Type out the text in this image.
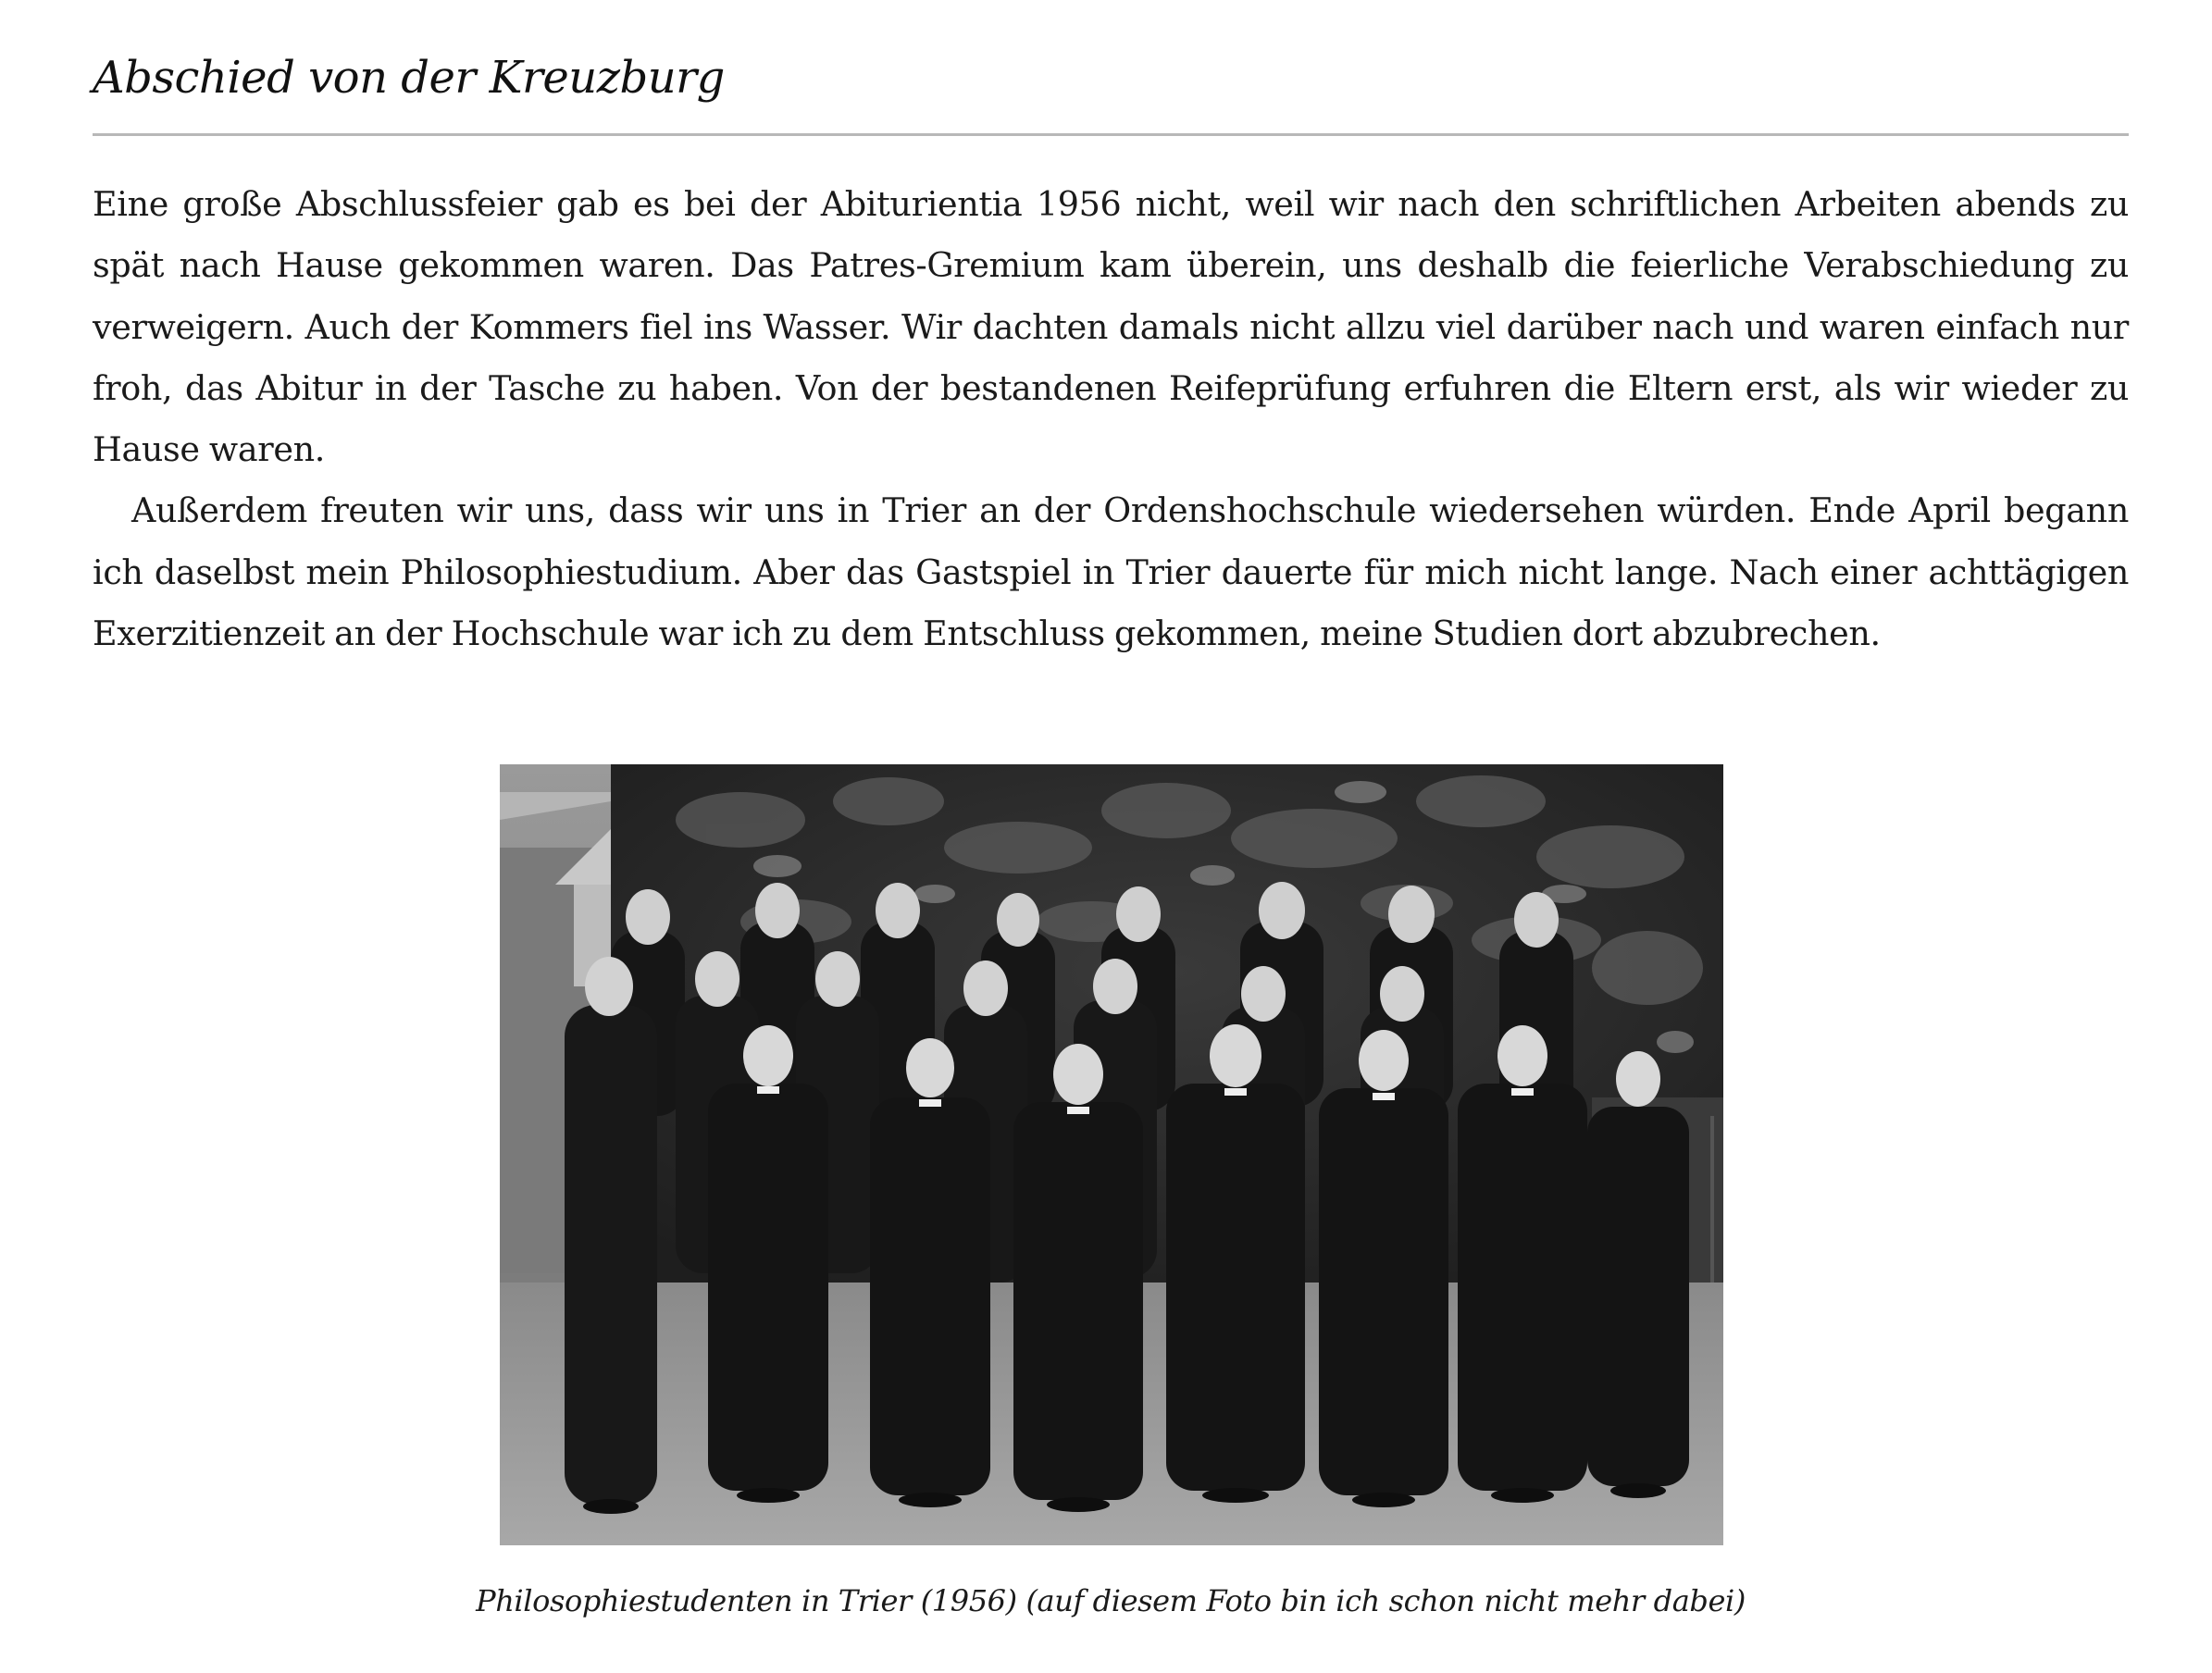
Abschied von der Kreuzburg

Eine große Abschlussfeier gab es bei der Abiturientia 1956 nicht, weil wir nach den schriftlichen Arbeiten abends zu spät nach Hause gekommen waren. Das Patres-Gremium kam überein, uns deshalb die feierliche Verabschiedung zu verweigern. Auch der Kommers fiel ins Wasser. Wir dachten damals nicht allzu viel darüber nach und waren einfach nur froh, das Abitur in der Tasche zu haben. Von der bestandenen Reifeprüfung erfuhren die Eltern erst, als wir wieder zu Hause waren.

Außerdem freuten wir uns, dass wir uns in Trier an der Ordenshochschule wiedersehen würden. Ende April begann ich daselbst mein Philosophiestudium. Aber das Gastspiel in Trier dauerte für mich nicht lange. Nach einer achttägigen Exerzitienzeit an der Hochschule war ich zu dem Entschluss gekommen, meine Studien dort abzubrechen.

Philosophiestudenten in Trier (1956) (auf diesem Foto bin ich schon nicht mehr dabei)
